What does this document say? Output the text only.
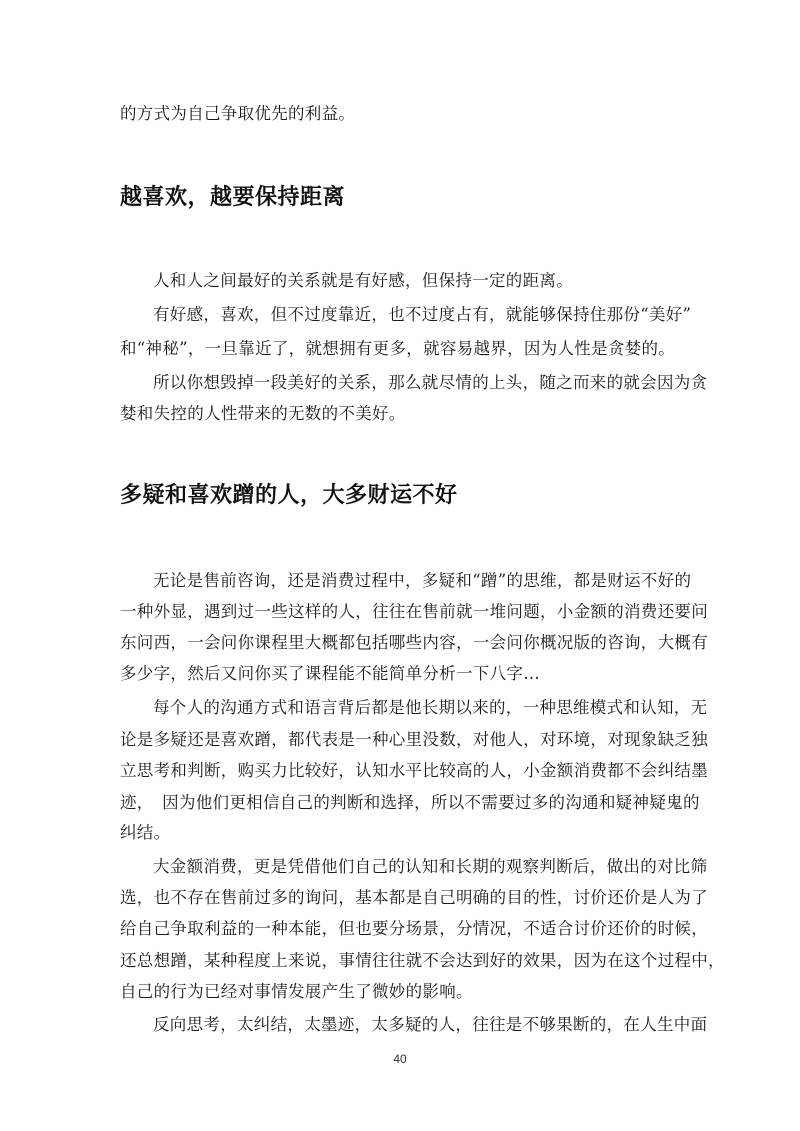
的方式为自己争取优先的利益。
越喜欢，越要保持距离
人和人之间最好的关系就是有好感，但保持一定的距离。
有好感，喜欢，但不过度靠近，也不过度占有，就能够保持住那份“美好”
和“神秘”，一旦靠近了，就想拥有更多，就容易越界，因为人性是贪婪的。
所以你想毁掉一段美好的关系，那么就尽情的上头，随之而来的就会因为贪
婪和失控的人性带来的无数的不美好。
多疑和喜欢蹭的人，大多财运不好
无论是售前咨询，还是消费过程中，多疑和“蹭”的思维，都是财运不好的
一种外显，遇到过一些这样的人，往往在售前就一堆问题，小金额的消费还要问
东问西，一会问你课程里大概都包括哪些内容，一会问你概况版的咨询，大概有
多少字，然后又问你买了课程能不能简单分析一下八字…
每个人的沟通方式和语言背后都是他长期以来的，一种思维模式和认知，无
论是多疑还是喜欢蹭，都代表是一种心里没数，对他人，对环境，对现象缺乏独
立思考和判断，购买力比较好，认知水平比较高的人，小金额消费都不会纠结墨
迹，　因为他们更相信自己的判断和选择，所以不需要过多的沟通和疑神疑鬼的
纠结。
大金额消费，更是凭借他们自己的认知和长期的观察判断后，做出的对比筛
选，也不存在售前过多的询问，基本都是自己明确的目的性，讨价还价是人为了
给自己争取利益的一种本能，但也要分场景，分情况，不适合讨价还价的时候，
还总想蹭，某种程度上来说，事情往往就不会达到好的效果，因为在这个过程中，
自己的行为已经对事情发展产生了微妙的影响。
反向思考，太纠结，太墨迹，太多疑的人，往往是不够果断的，在人生中面
40
